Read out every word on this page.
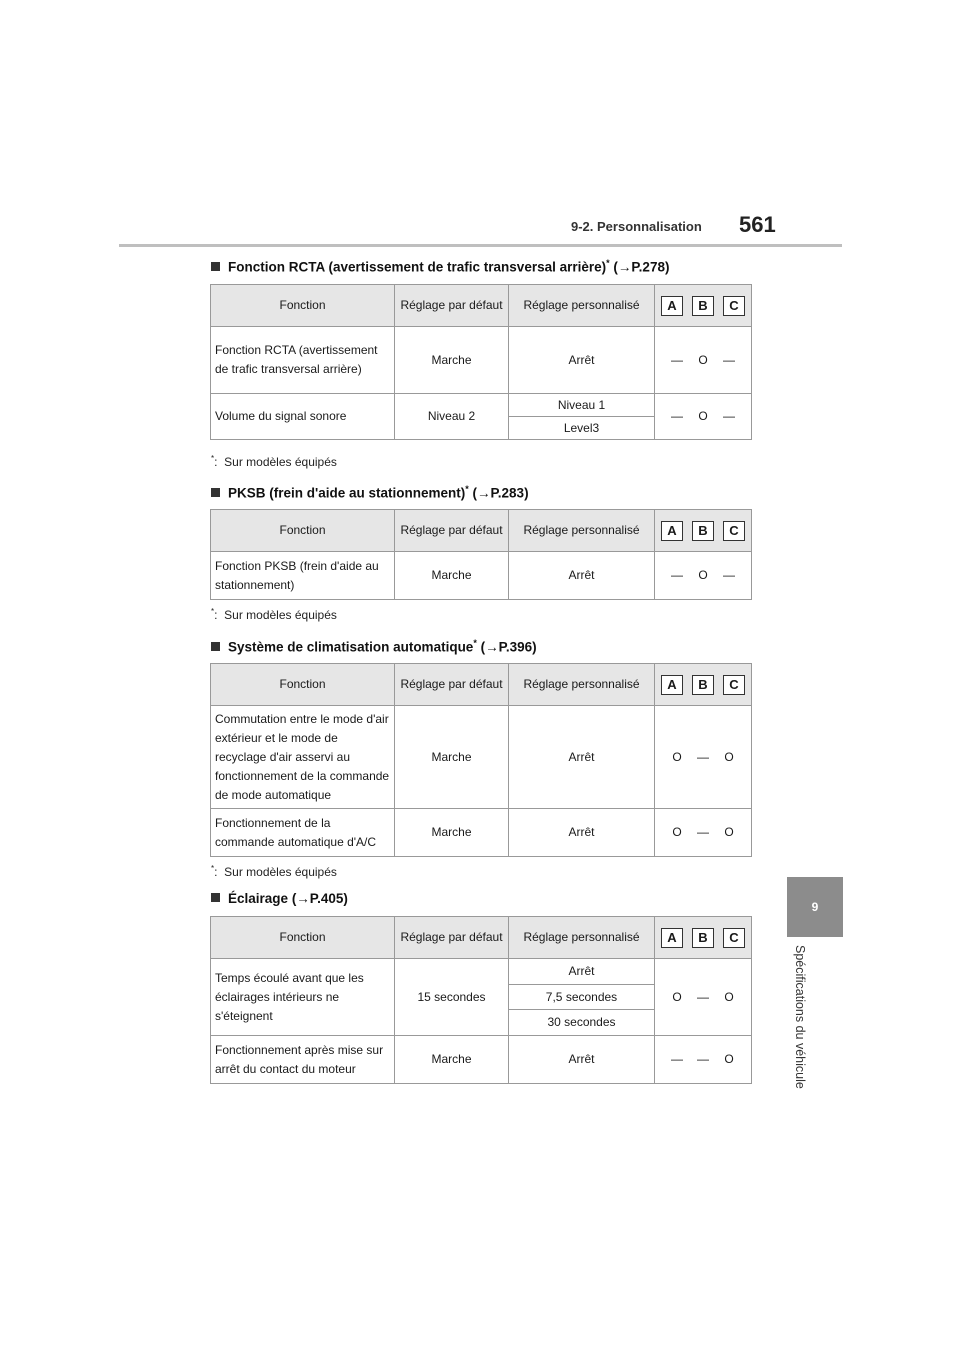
9-2. Personnalisation 561
9
Spécifications du véhicule
Fonction RCTA (avertissement de trafic transversal arrière)* (→P.278)
Fonction	Réglage par défaut	Réglage personnalisé	A B C

Fonction RCTA (avertissement de trafic transversal arrière)	Marche	Arrêt	— O —

Volume du signal sonore	Niveau 2	Niveau 1	— O —

		Level3	
*:  Sur modèles équipés
PKSB (frein d'aide au stationnement)* (→P.283)
Fonction	Réglage par défaut	Réglage personnalisé	A B C

Fonction PKSB (frein d'aide au stationnement)	Marche	Arrêt	— O —
*:  Sur modèles équipés
Système de climatisation automatique* (→P.396)
Fonction	Réglage par défaut	Réglage personnalisé	A B C

Commutation entre le mode d'air extérieur et le mode de recyclage d'air asservi au fonctionnement de la commande de mode automatique	Marche	Arrêt	O — O

Fonctionnement de la commande automatique d'A/C	Marche	Arrêt	O — O
*:  Sur modèles équipés
Éclairage (→P.405)
Fonction	Réglage par défaut	Réglage personnalisé	A B C

Temps écoulé avant que les éclairages intérieurs ne s'éteignent	15 secondes	Arrêt	O — O

		7,5 secondes	
		30 secondes	
Fonctionnement après mise sur arrêt du contact du moteur	Marche	Arrêt	— — O
